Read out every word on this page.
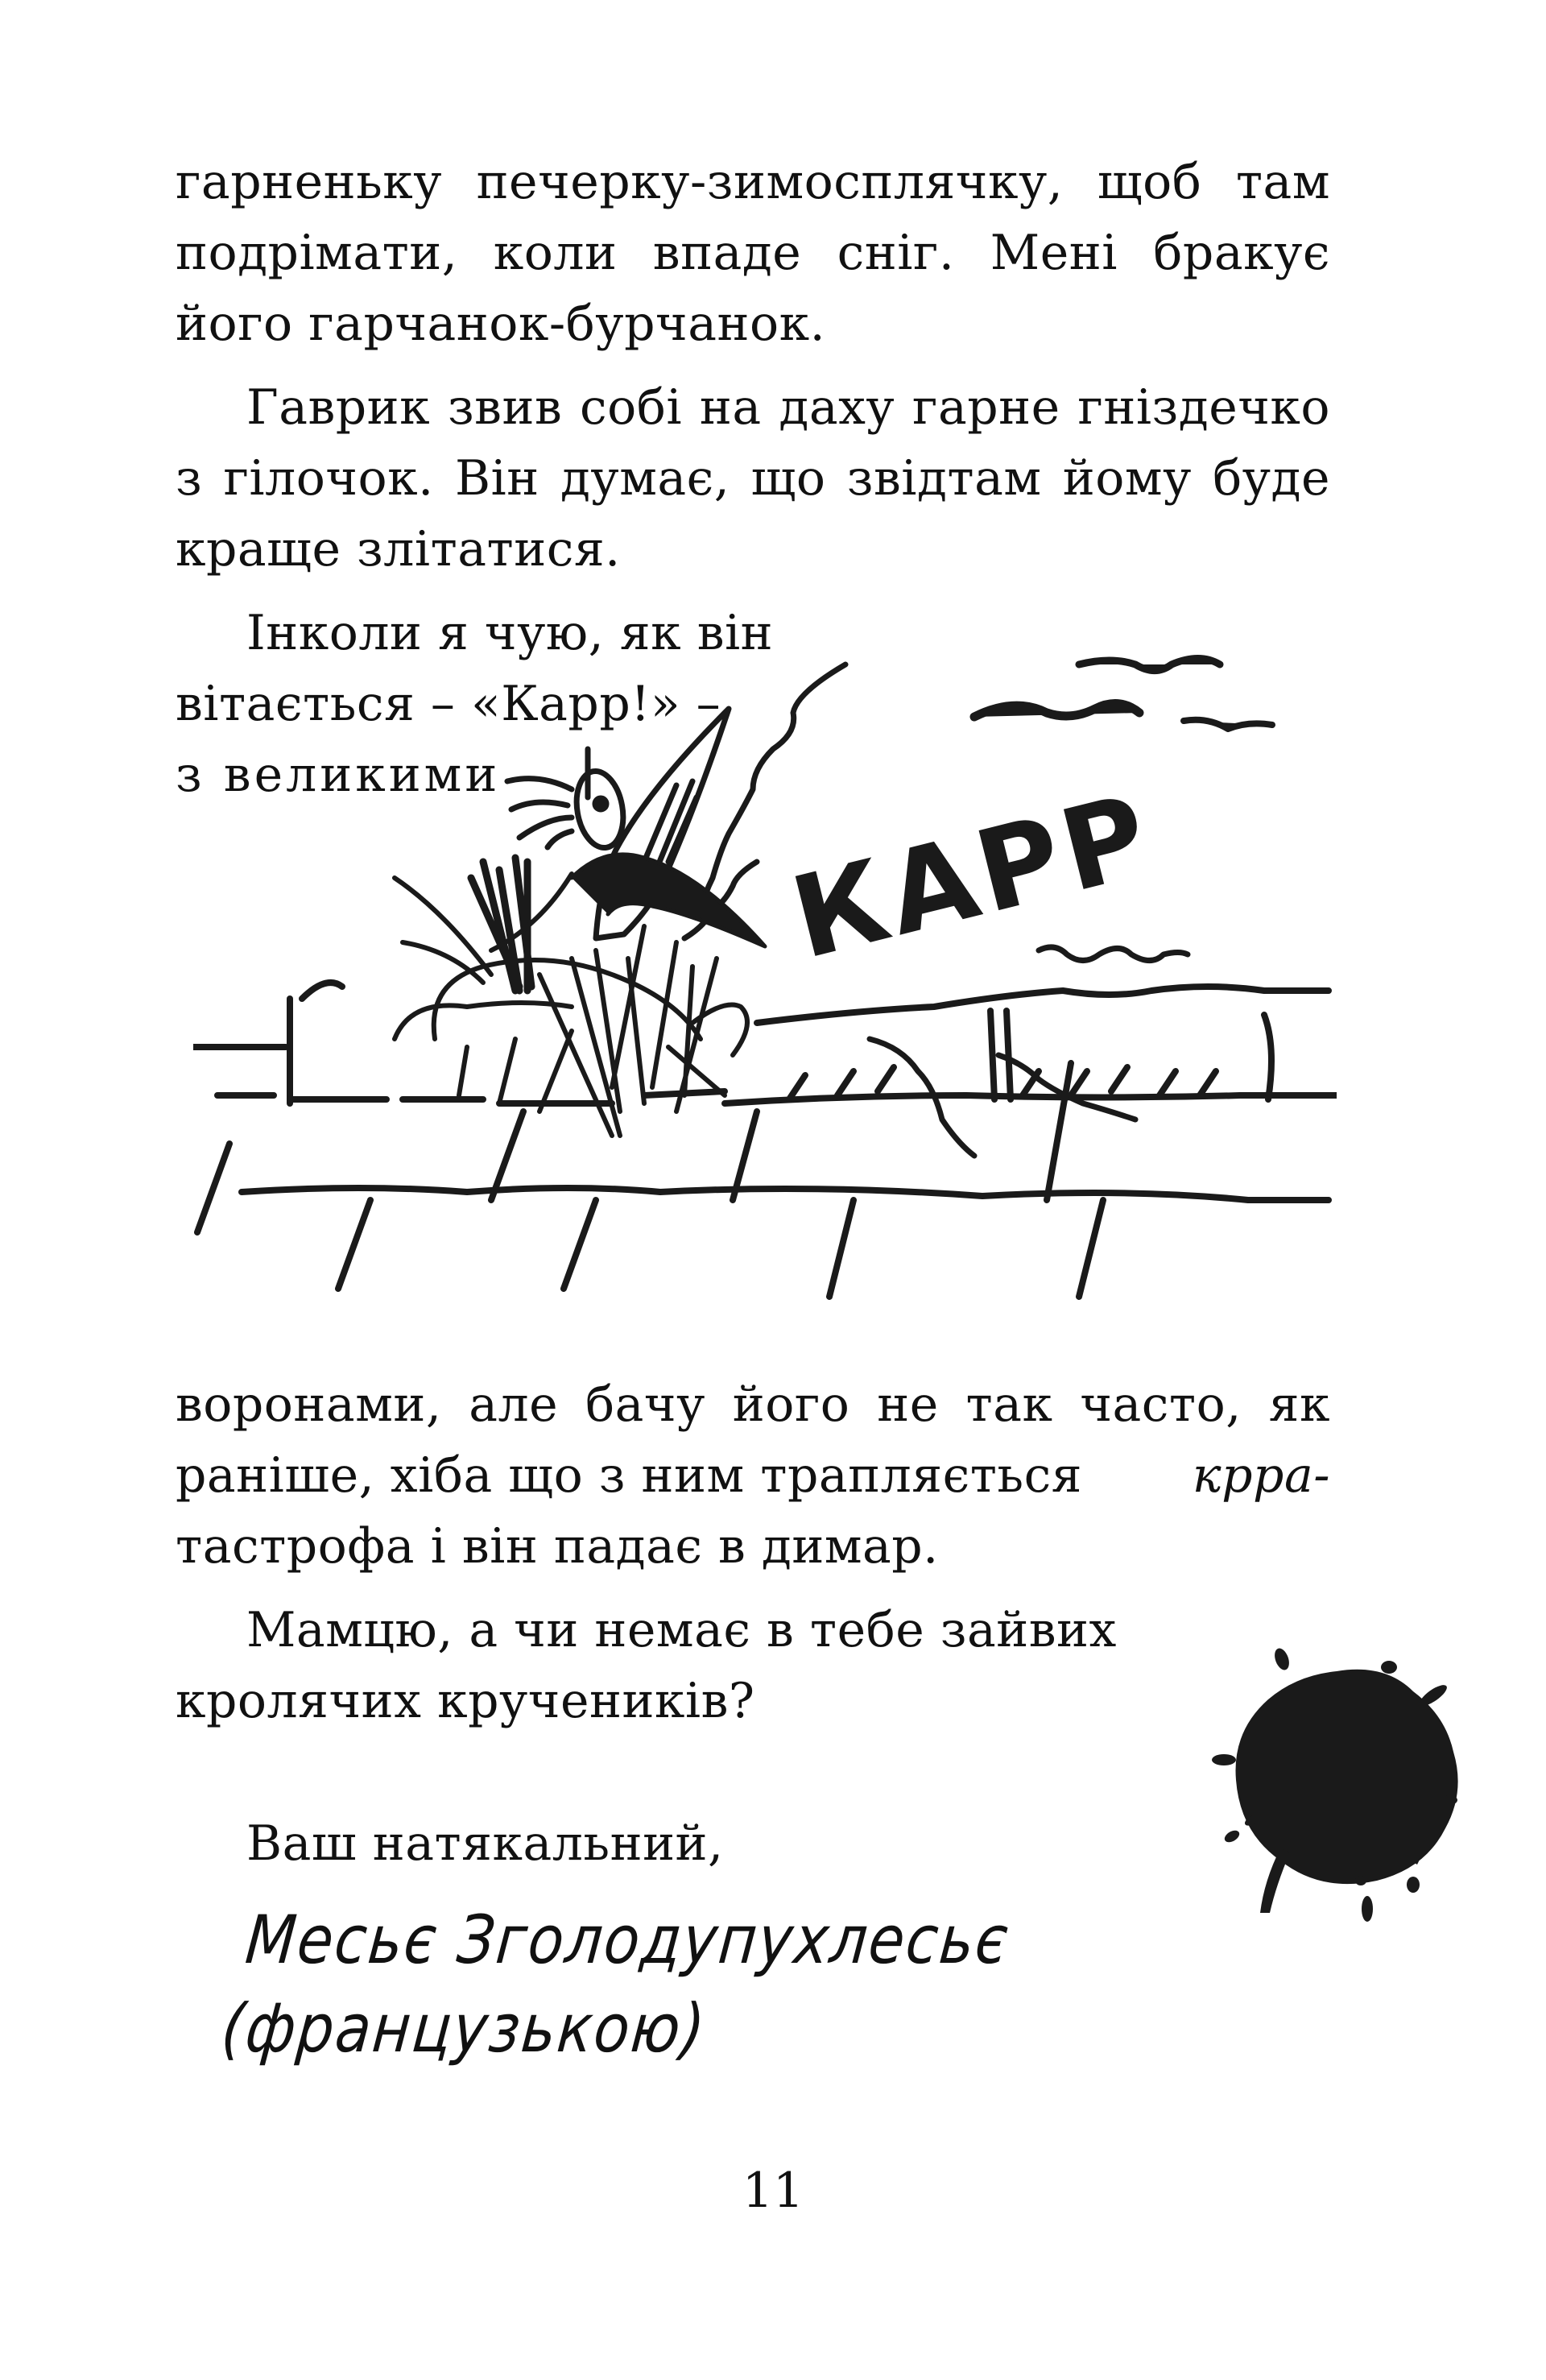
гарненьку печерку-зимосплячку, щоб там
подрімати, коли впаде сніг. Мені бракує
його гарчанок-бурчанок.
Гаврик звив собі на даху гарне гніздечко
з гілочок. Він думає, що звідтам йому буде
краще злітатися.
Інколи я чую, як він
вітається – «Карр!» –
з великими КАРР
воронами, але бачу його не так часто, як
раніше, хіба що з ним трапляється кppa-
тастрофа і він падає в димар.
Мамцю, а чи немає в тебе зайвих
кролячих кручеників?
Ваш натякальний,
Месьє Зголодупухлесьє
(французькою)
11
